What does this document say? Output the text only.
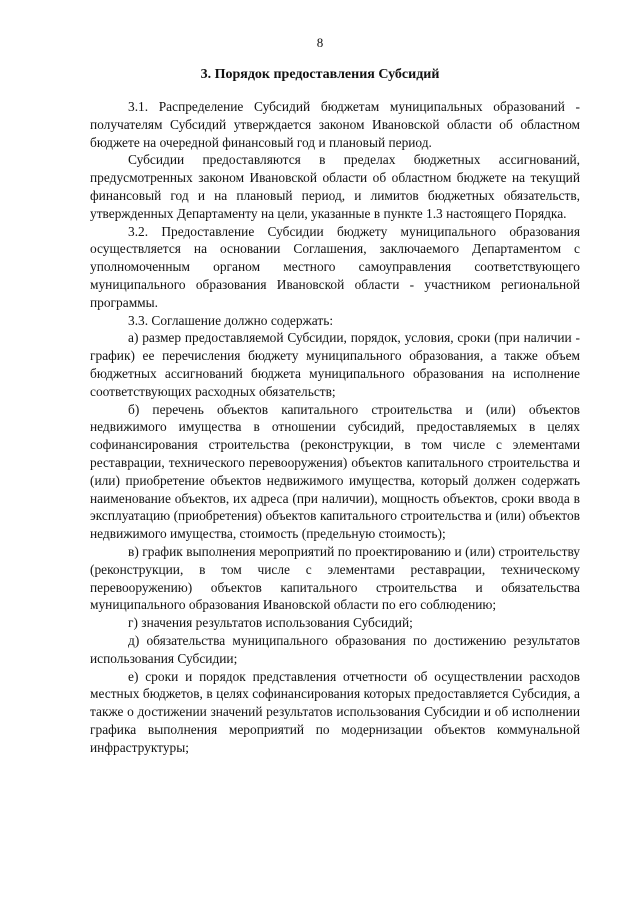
8
3. Порядок предоставления Субсидий

3.1. Распределение Субсидий бюджетам муниципальных образований - получателям Субсидий утверждается законом Ивановской области об областном бюджете на очередной финансовый год и плановый период.

Субсидии предоставляются в пределах бюджетных ассигнований, предусмотренных законом Ивановской области об областном бюджете на текущий финансовый год и на плановый период, и лимитов бюджетных обязательств, утвержденных Департаменту на цели, указанные в пункте 1.3 настоящего Порядка.

3.2. Предоставление Субсидии бюджету муниципального образования осуществляется на основании Соглашения, заключаемого Департаментом с уполномоченным органом местного самоуправления соответствующего муниципального образования Ивановской области - участником региональной программы.

3.3. Соглашение должно содержать:

а) размер предоставляемой Субсидии, порядок, условия, сроки (при наличии - график) ее перечисления бюджету муниципального образования, а также объем бюджетных ассигнований бюджета муниципального образования на исполнение соответствующих расходных обязательств;

б) перечень объектов капитального строительства и (или) объектов недвижимого имущества в отношении субсидий, предоставляемых в целях софинансирования строительства (реконструкции, в том числе с элементами реставрации, технического перевооружения) объектов капитального строительства и (или) приобретение объектов недвижимого имущества, который должен содержать наименование объектов, их адреса (при наличии), мощность объектов, сроки ввода в эксплуатацию (приобретения) объектов капитального строительства и (или) объектов недвижимого имущества, стоимость (предельную стоимость);

в) график выполнения мероприятий по проектированию и (или) строительству (реконструкции, в том числе с элементами реставрации, техническому перевооружению) объектов капитального строительства и обязательства муниципального образования Ивановской области по его соблюдению;

г) значения результатов использования Субсидий;

д) обязательства муниципального образования по достижению результатов использования Субсидии;

е) сроки и порядок представления отчетности об осуществлении расходов местных бюджетов, в целях софинансирования которых предоставляется Субсидия, а также о достижении значений результатов использования Субсидии и об исполнении графика выполнения мероприятий по модернизации объектов коммунальной инфраструктуры;
